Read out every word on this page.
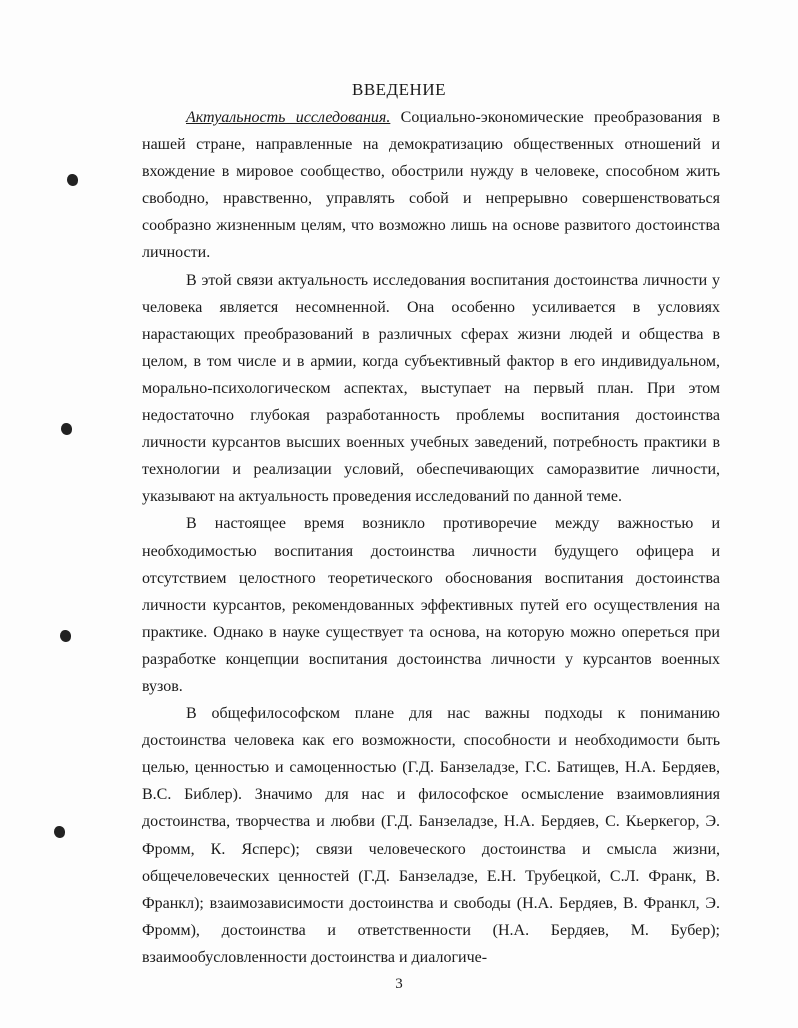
ВВЕДЕНИЕ

Актуальность исследования. Социально-экономические преобразования в нашей стране, направленные на демократизацию общественных отношений и вхождение в мировое сообщество, обострили нужду в человеке, способном жить свободно, нравственно, управлять собой и непрерывно совершенствоваться сообразно жизненным целям, что возможно лишь на основе развитого достоинства личности.

В этой связи актуальность исследования воспитания достоинства личности у человека является несомненной. Она особенно усиливается в условиях нарастающих преобразований в различных сферах жизни людей и общества в целом, в том числе и в армии, когда субъективный фактор в его индивидуальном, морально-психологическом аспектах, выступает на первый план. При этом недостаточно глубокая разработанность проблемы воспитания достоинства личности курсантов высших военных учебных заведений, потребность практики в технологии и реализации условий, обеспечивающих саморазвитие личности, указывают на актуальность проведения исследований по данной теме.

В настоящее время возникло противоречие между важностью и необходимостью воспитания достоинства личности будущего офицера и отсутствием целостного теоретического обоснования воспитания достоинства личности курсантов, рекомендованных эффективных путей его осуществления на практике. Однако в науке существует та основа, на которую можно опереться при разработке концепции воспитания достоинства личности у курсантов военных вузов.

В общефилософском плане для нас важны подходы к пониманию достоинства человека как его возможности, способности и необходимости быть целью, ценностью и самоценностью (Г.Д. Банзеладзе, Г.С. Батищев, Н.А. Бердяев, В.С. Библер). Значимо для нас и философское осмысление взаимовлияния достоинства, творчества и любви (Г.Д. Банзеладзе, Н.А. Бердяев, С. Кьеркегор, Э. Фромм, К. Ясперс); связи человеческого достоинства и смысла жизни, общечеловеческих ценностей (Г.Д. Банзеладзе, Е.Н. Трубецкой, С.Л. Франк, В. Франкл); взаимозависимости достоинства и свободы (Н.А. Бердяев, В. Франкл, Э. Фромм), достоинства и ответственности (Н.А. Бердяев, М. Бубер); взаимообусловленности достоинства и диалогиче-

3
